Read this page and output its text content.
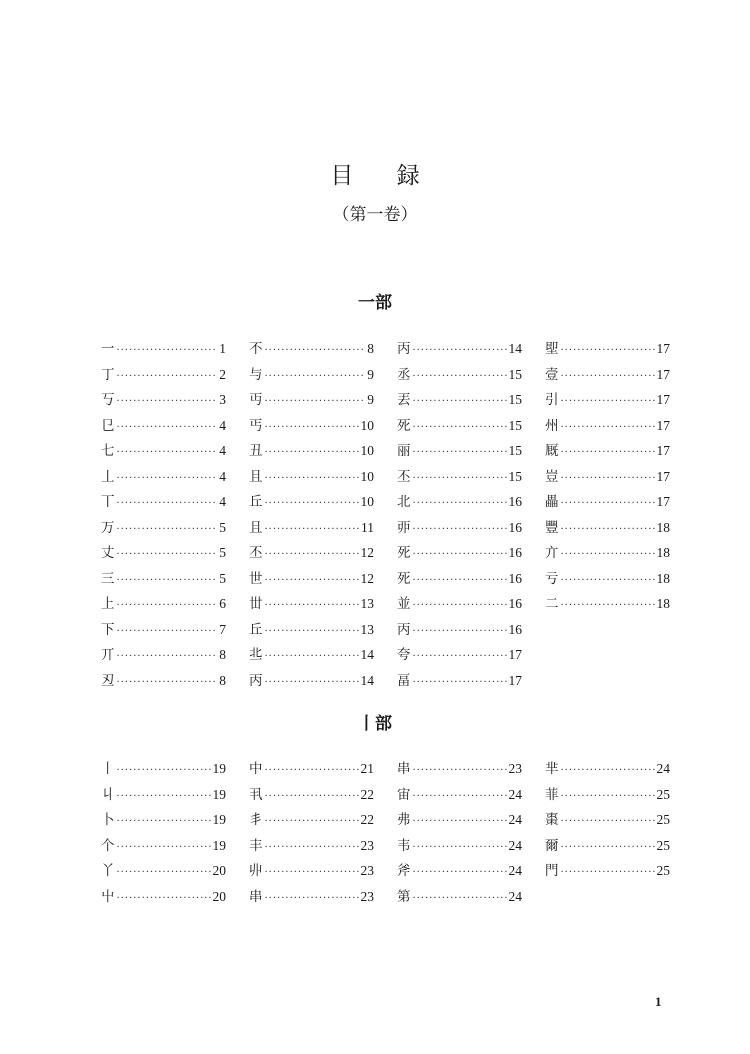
目 録
（第一卷）
一部
一 ·····	1
丁 ·····	2
丂 ·····	3
㔾 ·····	4
七 ·····	4
丄 ·····	4
丅 ·····	4
万 ·····	5
丈 ·····	5
三 ·····	5
上 ·····	6
下 ·····	7
丌 ·····	8
丒 ·····	8
不 ·····	8
与 ·····	9
丏 ·····	9
丐 ·····	10
丑 ·····	10
且 ·····	10
丘 ·····	10
且 ·····	11
丕 ·····	12
世 ·····	12
丗 ·····	13
丘 ·····	13
丠 ·····	14
丙 ·····	14
丙 ·····	14
丞 ·····	15
丟 ·····	15
死 ·····	15
丽 ·····	15
丕 ·····	15
北 ·····	16
丣 ·····	16
死 ·····	16
死 ·····	16
並 ·····	16
丙 ·····	16
夸 ·····	17
畐 ·····	17
堲 ·····	17
壹 ·····	17
引 ·····	17
州 ·····	17
厩 ·····	17
豈 ·····	17
畾 ·····	17
豐 ·····	18
亣 ·····	18
亏 ·····	18
二 ·····	18
丨部
丨 ·····	19
丩 ·····	19
卜 ·····	19
个 ·····	19
丫 ·····	20
屮 ·····	20
中 ·····	21
丮 ·····	22
丯 ·····	22
丰 ·····	23
丱 ·····	23
串 ·····	23
串 ·····	23
宙 ·····	24
弗 ·····	24
韦 ·····	24
斧 ·····	24
第 ·····	24
芈 ·····	24
菲 ·····	25
棗 ·····	25
爾 ·····	25
門 ·····	25
1
